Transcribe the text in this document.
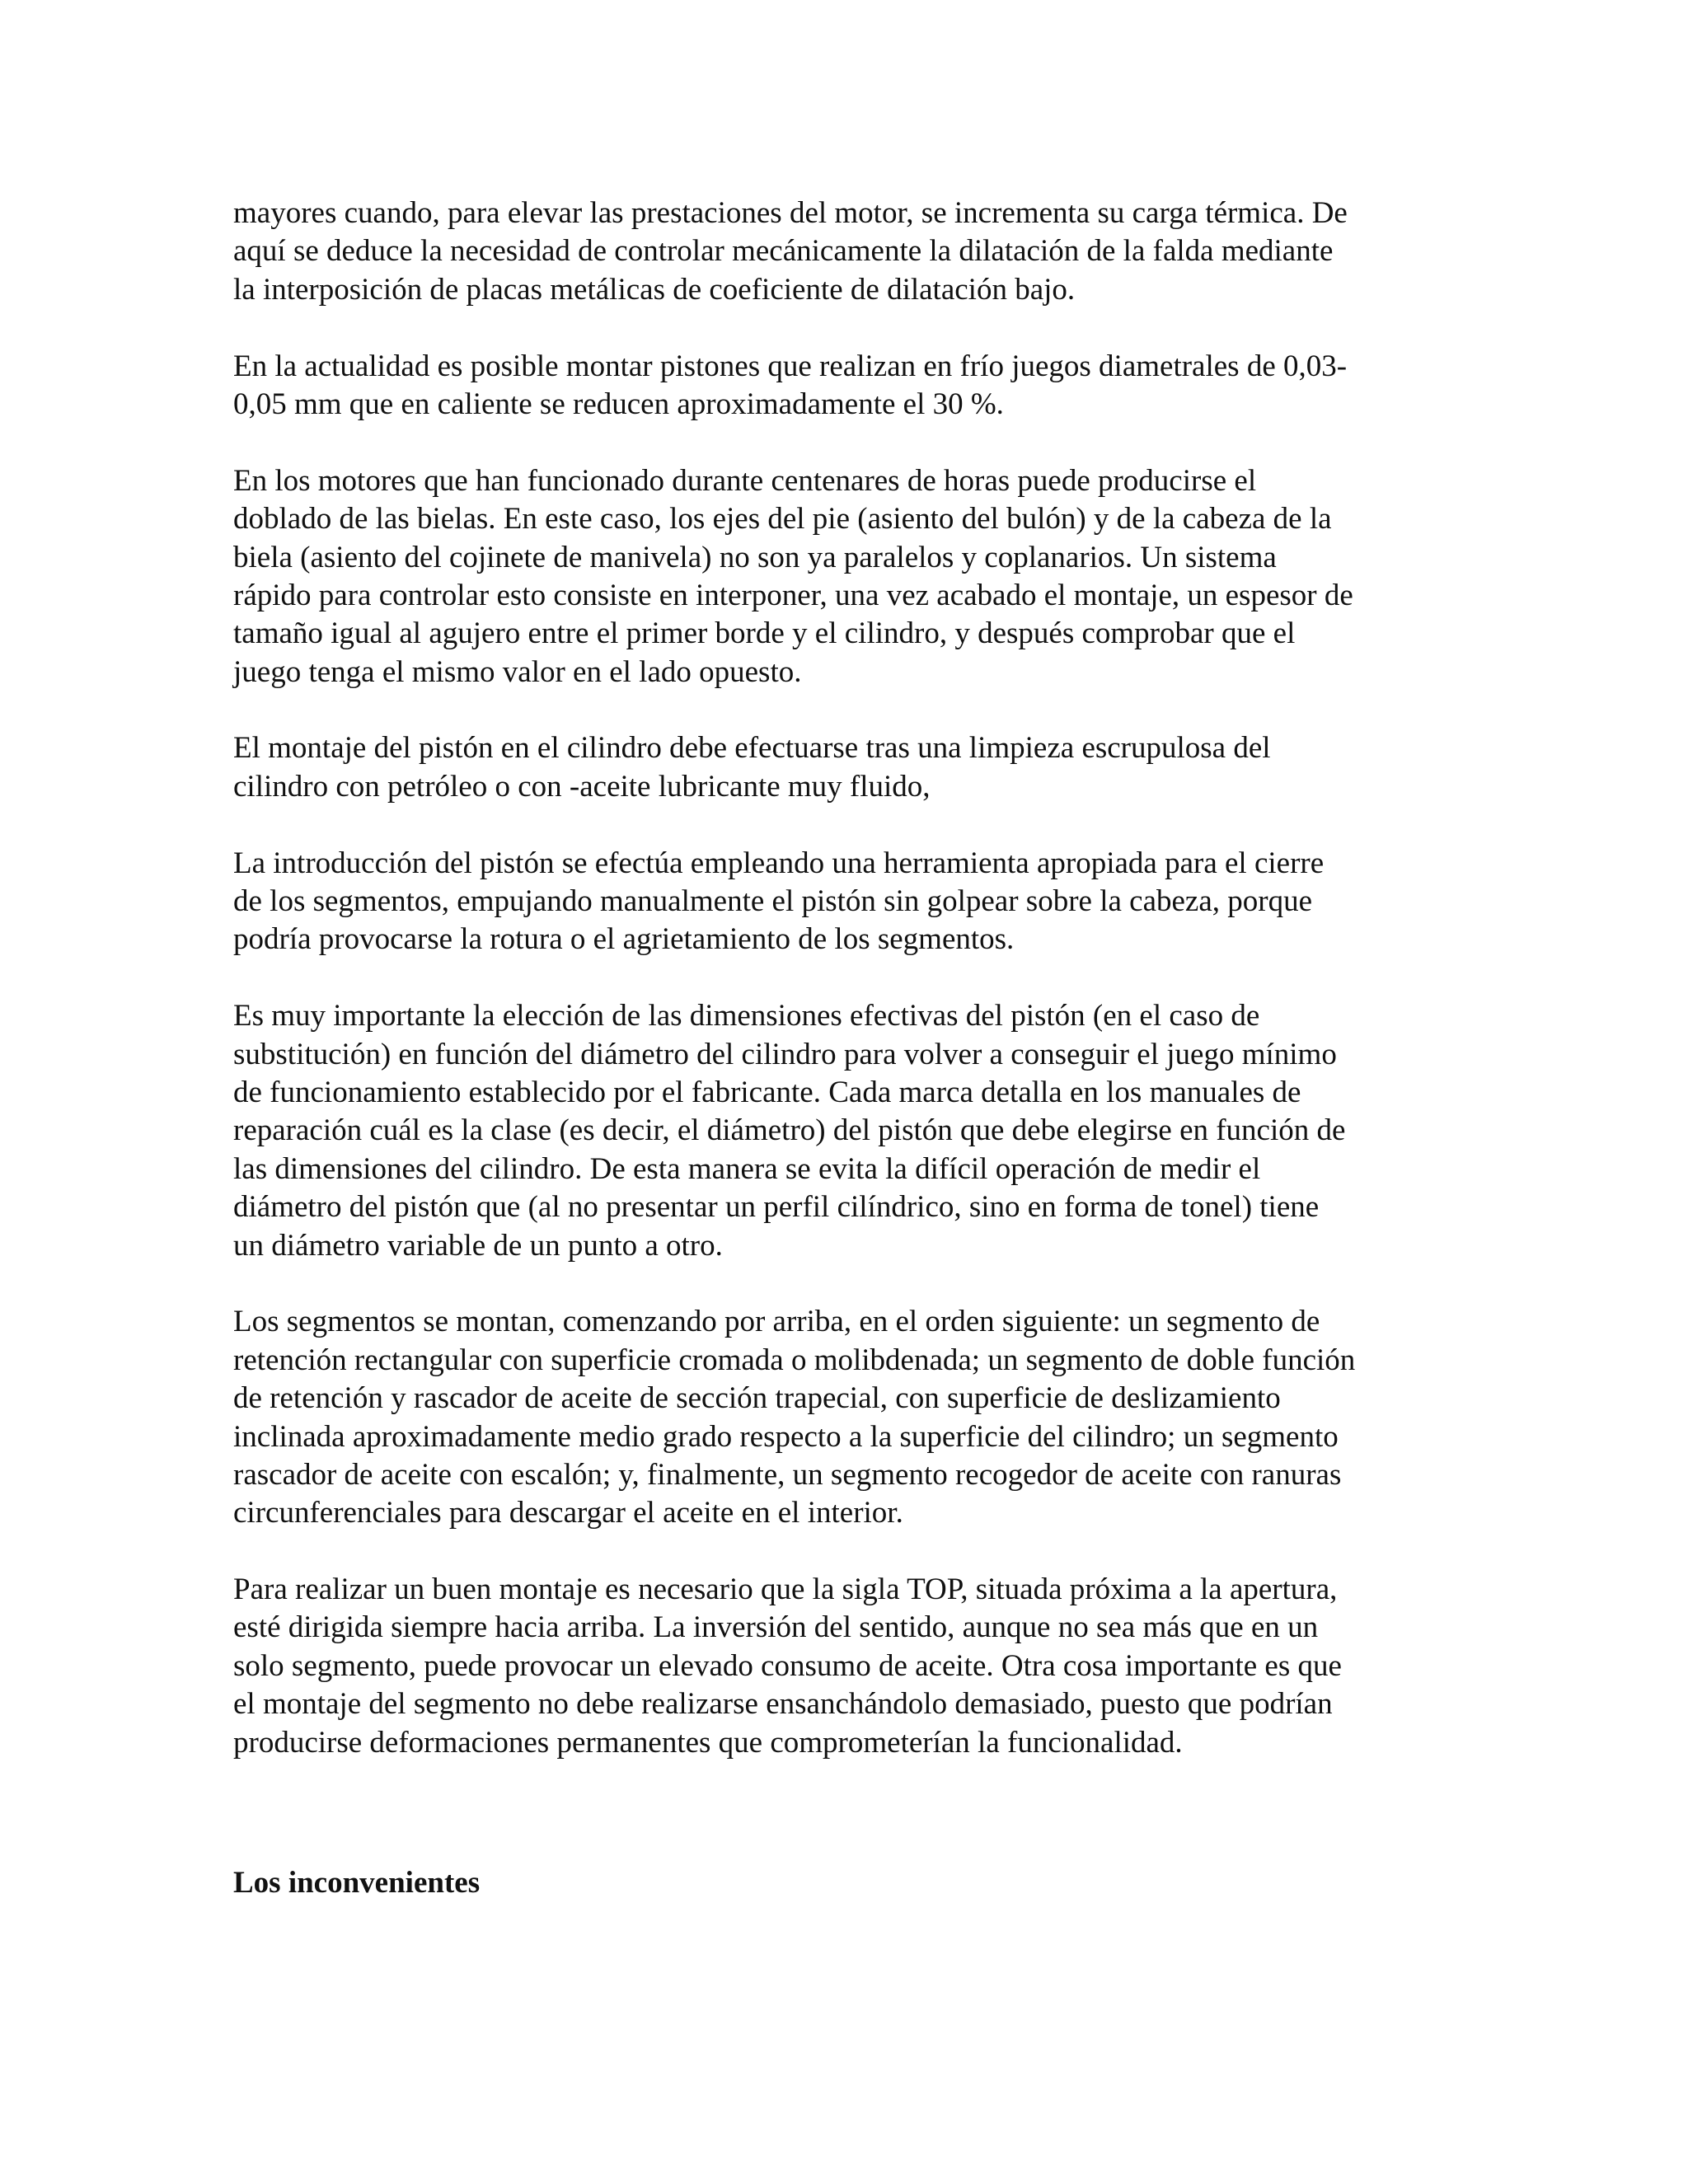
mayores cuando, para elevar las prestaciones del motor, se incrementa su carga térmica. De
aquí se deduce la necesidad de controlar mecánicamente la dilatación de la falda mediante
la interposición de placas metálicas de coeficiente de dilatación bajo.
En la actualidad es posible montar pistones que realizan en frío juegos diametrales de 0,03-
0,05 mm que en caliente se reducen aproximadamente el 30 %.
En los motores que han funcionado durante centenares de horas puede producirse el
doblado de las bielas. En este caso, los ejes del pie (asiento del bulón) y de la cabeza de la
biela (asiento del cojinete de manivela) no son ya paralelos y coplanarios. Un sistema
rápido para controlar esto consiste en interponer, una vez acabado el montaje, un espesor de
tamaño igual al agujero entre el primer borde y el cilindro, y después comprobar que el
juego tenga el mismo valor en el lado opuesto.
El montaje del pistón en el cilindro debe efectuarse tras una limpieza escrupulosa del
cilindro con petróleo o con -aceite lubricante muy fluido,
La introducción del pistón se efectúa empleando una herramienta apropiada para el cierre
de los segmentos, empujando manualmente el pistón sin golpear sobre la cabeza, porque
podría provocarse la rotura o el agrietamiento de los segmentos.
Es muy importante la elección de las dimensiones efectivas del pistón (en el caso de
substitución) en función del diámetro del cilindro para volver a conseguir el juego mínimo
de funcionamiento establecido por el fabricante. Cada marca detalla en los manuales de
reparación cuál es la clase (es decir, el diámetro) del pistón que debe elegirse en función de
las dimensiones del cilindro. De esta manera se evita la difícil operación de medir el
diámetro del pistón que (al no presentar un perfil cilíndrico, sino en forma de tonel) tiene
un diámetro variable de un punto a otro.
Los segmentos se montan, comenzando por arriba, en el orden siguiente: un segmento de
retención rectangular con superficie cromada o molibdenada; un segmento de doble función
de retención y rascador de aceite de sección trapecial, con superficie de deslizamiento
inclinada aproximadamente medio grado respecto a la superficie del cilindro; un segmento
rascador de aceite con escalón; y, finalmente, un segmento recogedor de aceite con ranuras
circunferenciales para descargar el aceite en el interior.
Para realizar un buen montaje es necesario que la sigla TOP, situada próxima a la apertura,
esté dirigida siempre hacia arriba. La inversión del sentido, aunque no sea más que en un
solo segmento, puede provocar un elevado consumo de aceite. Otra cosa importante es que
el montaje del segmento no debe realizarse ensanchándolo demasiado, puesto que podrían
producirse deformaciones permanentes que comprometerían la funcionalidad.
Los inconvenientes
